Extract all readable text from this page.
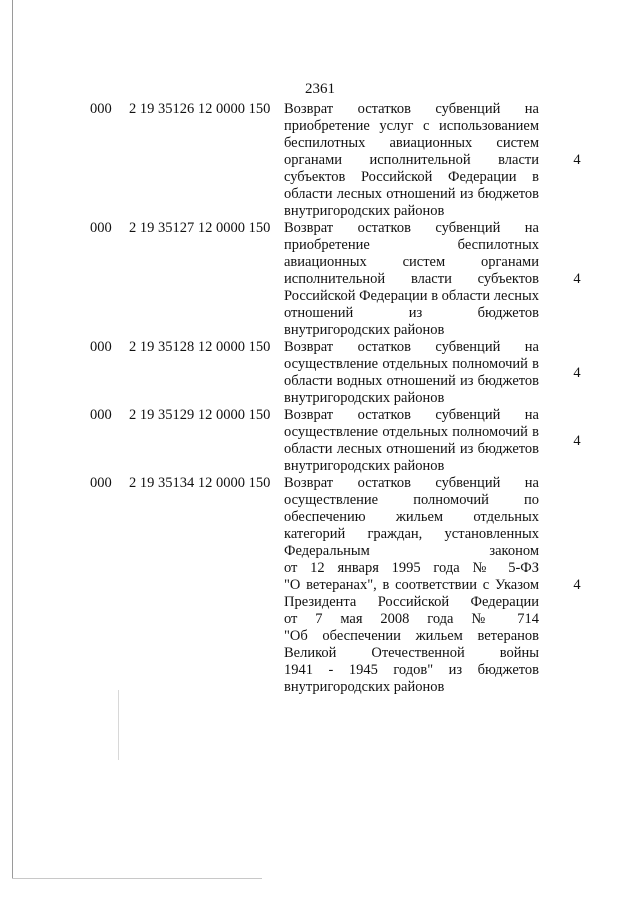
2361
000	2 19 35126 12 0000 150 Возврат остатков субвенций на
приобретение услуг с использованием
беспилотных авиационных систем
органами исполнительной власти
субъектов Российской Федерации в
области лесных отношений из бюджетов
внутригородских районов
4
000	2 19 35127 12 0000 150 Возврат остатков субвенций на
приобретение беспилотных
авиационных систем органами
исполнительной власти субъектов
Российской Федерации в области лесных
отношений из бюджетов
внутригородских районов
4
000	2 19 35128 12 0000 150 Возврат остатков субвенций на
осуществление отдельных полномочий в
области водных отношений из бюджетов
внутригородских районов
4
000	2 19 35129 12 0000 150 Возврат остатков субвенций на
осуществление отдельных полномочий в
области лесных отношений из бюджетов
внутригородских районов
4
000	2 19 35134 12 0000 150 Возврат остатков субвенций на
осуществление полномочий по
обеспечению жильем отдельных
категорий граждан, установленных
Федеральным законом
от 12 января 1995 года № 5-ФЗ
"О ветеранах", в соответствии с Указом
Президента Российской Федерации
от 7 мая 2008 года № 714
"Об обеспечении жильем ветеранов
Великой Отечественной войны
1941 - 1945 годов" из бюджетов
внутригородских районов
4
